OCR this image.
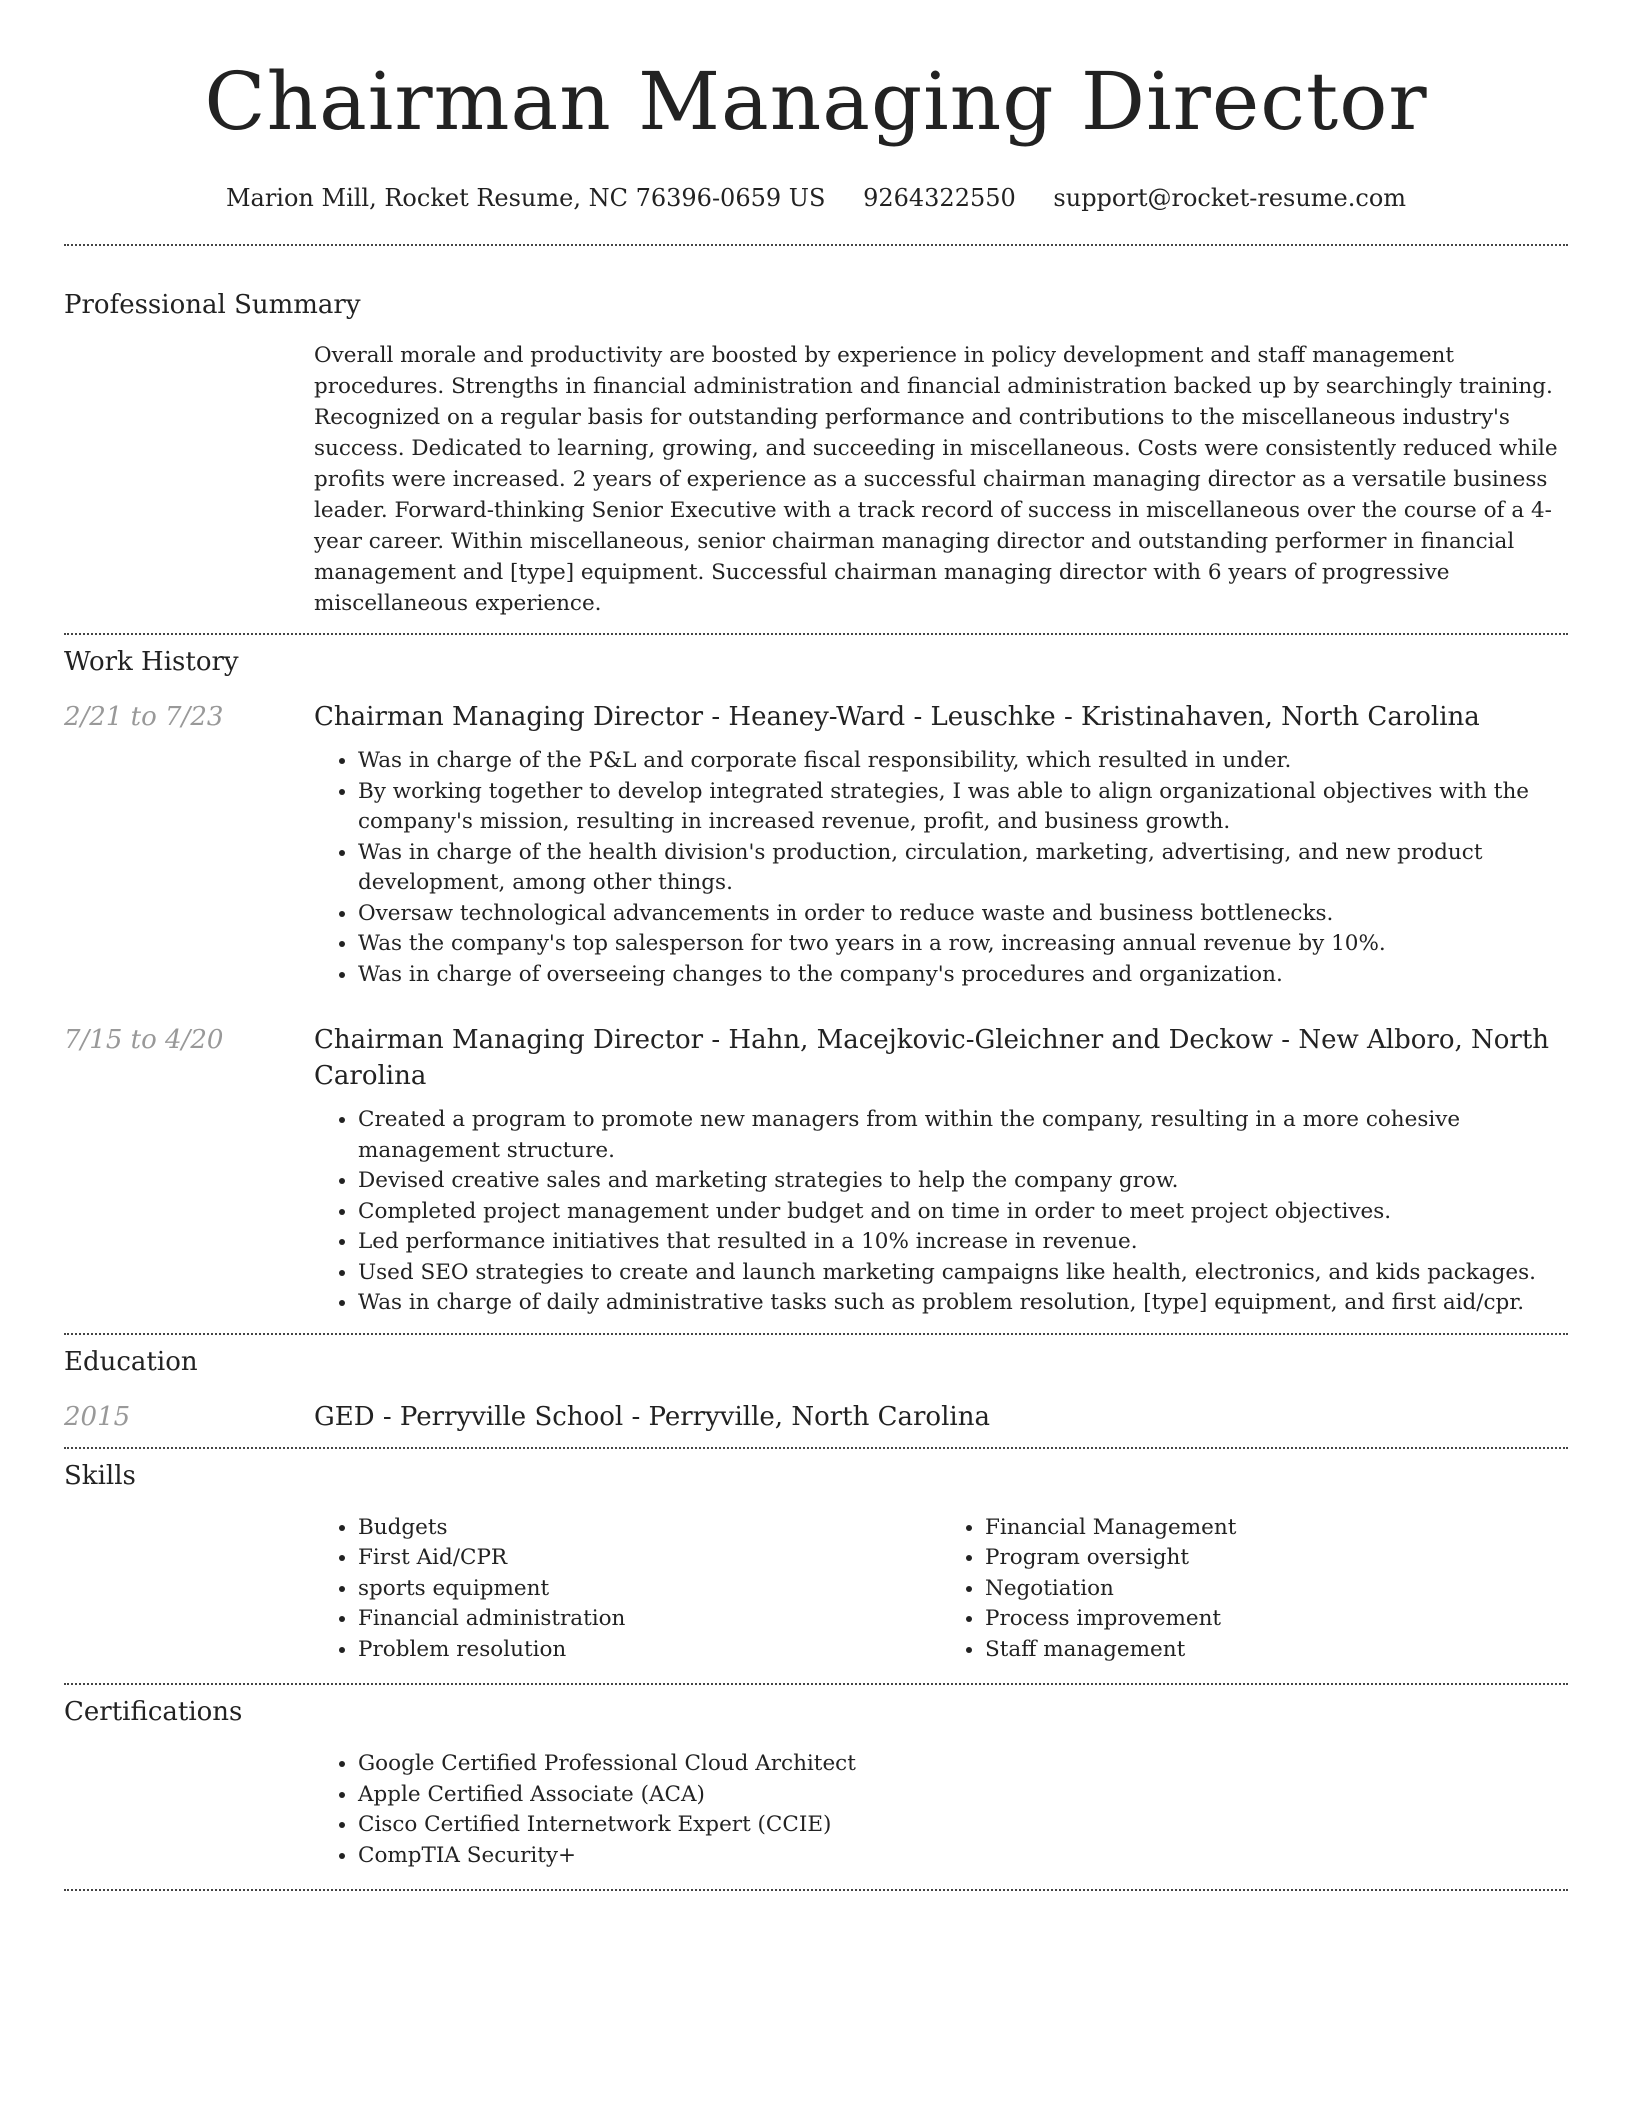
Chairman Managing Director
Marion Mill, Rocket Resume, NC 76396-0659 US 9264322550 support@rocket-resume.com
Professional Summary

Overall morale and productivity are boosted by experience in policy development and staff management procedures. Strengths in financial administration and financial administration backed up by searchingly training. Recognized on a regular basis for outstanding performance and contributions to the miscellaneous industry's success. Dedicated to learning, growing, and succeeding in miscellaneous. Costs were consistently reduced while profits were increased. 2 years of experience as a successful chairman managing director as a versatile business leader. Forward-thinking Senior Executive with a track record of success in miscellaneous over the course of a 4-year career. Within miscellaneous, senior chairman managing director and outstanding performer in financial management and [type] equipment. Successful chairman managing director with 6 years of progressive miscellaneous experience.

Work History
2/21 to 7/23	Chairman Managing Director - Heaney-Ward - Leuschke - Kristinahaven, North Carolina

• Was in charge of the P&L and corporate fiscal responsibility, which resulted in under.
• By working together to develop integrated strategies, I was able to align organizational objectives with the company's mission, resulting in increased revenue, profit, and business growth.
• Was in charge of the health division's production, circulation, marketing, advertising, and new product development, among other things.
• Oversaw technological advancements in order to reduce waste and business bottlenecks.
• Was the company's top salesperson for two years in a row, increasing annual revenue by 10%.
• Was in charge of overseeing changes to the company's procedures and organization.
7/15 to 4/20	Chairman Managing Director - Hahn, Macejkovic-Gleichner and Deckow - New Alboro, North Carolina

• Created a program to promote new managers from within the company, resulting in a more cohesive management structure.
• Devised creative sales and marketing strategies to help the company grow.
• Completed project management under budget and on time in order to meet project objectives.
• Led performance initiatives that resulted in a 10% increase in revenue.
• Used SEO strategies to create and launch marketing campaigns like health, electronics, and kids packages.
• Was in charge of daily administrative tasks such as problem resolution, [type] equipment, and first aid/cpr.
Education
2015	GED - Perryville School - Perryville, North Carolina

Skills
• Budgets
• First Aid/CPR
• sports equipment
• Financial administration
• Problem resolution
• Financial Management
• Program oversight
• Negotiation
• Process improvement
• Staff management
Certifications
• Google Certified Professional Cloud Architect
• Apple Certified Associate (ACA)
• Cisco Certified Internetwork Expert (CCIE)
• CompTIA Security+
